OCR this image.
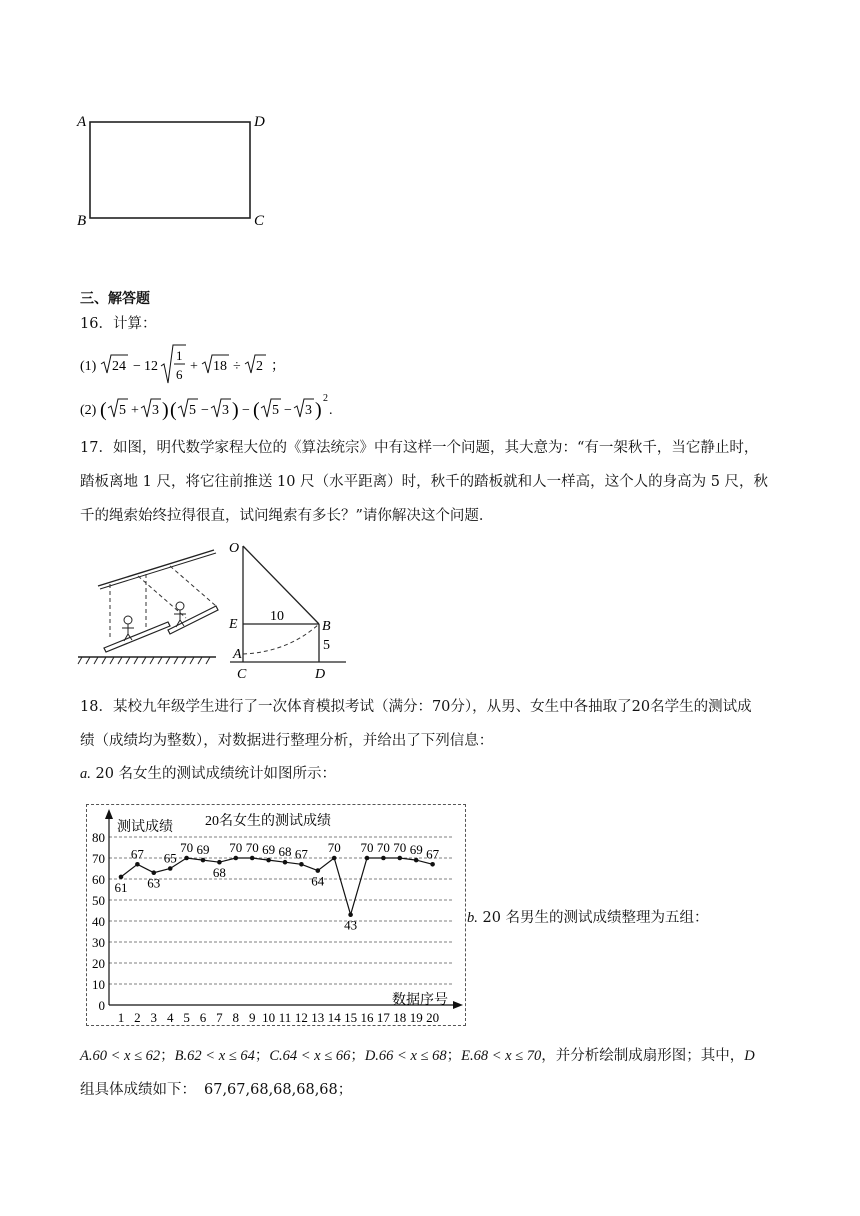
A	D
B	C
三、解答题
16．计算：
(1) 24 − 12
1
6
+ 18 ÷ 2 ；
(2) ( 5 + 3 ) ( 5 − 3 ) − ( 5 − 3 )
2
.
17．如图，明代数学家程大位的《算法统宗》中有这样一个问题，其大意为：“有一架秋千，当它静止时，
踏板离地 1 尺，将它往前推送 10 尺（水平距离）时，秋千的踏板就和人一样高，这个人的身高为 5 尺，秋
千的绳索始终拉得很直，试问绳索有多长？”请你解决这个问题．
O
E	B
A
C	D
10
5
18．某校九年级学生进行了一次体育模拟考试（满分：70分），从男、女生中各抽取了20名学生的测试成
绩（成绩均为整数），对数据进行整理分析，并给出了下列信息：
a. 20 名女生的测试成绩统计如图所示：
0
10
20
30
40
50
60
70
80
1 2 3 4 5 6 7 8 9 10 11 12 13 14 15 16 17 18 19 20
61
67
63
65
70 69
68
70 70 69 68 67
64
70
43
70 70 70 69 67
20名女生的测试成绩
测试成绩
数据序号
b. 20 名男生的测试成绩整理为五组：
A.60 < x ≤ 62；B.62 < x ≤ 64；C.64 < x ≤ 66；D.66 < x ≤ 68；E.68 < x ≤ 70，并分析绘制成扇形图；其中，D
组具体成绩如下： 67,67,68,68,68,68；
